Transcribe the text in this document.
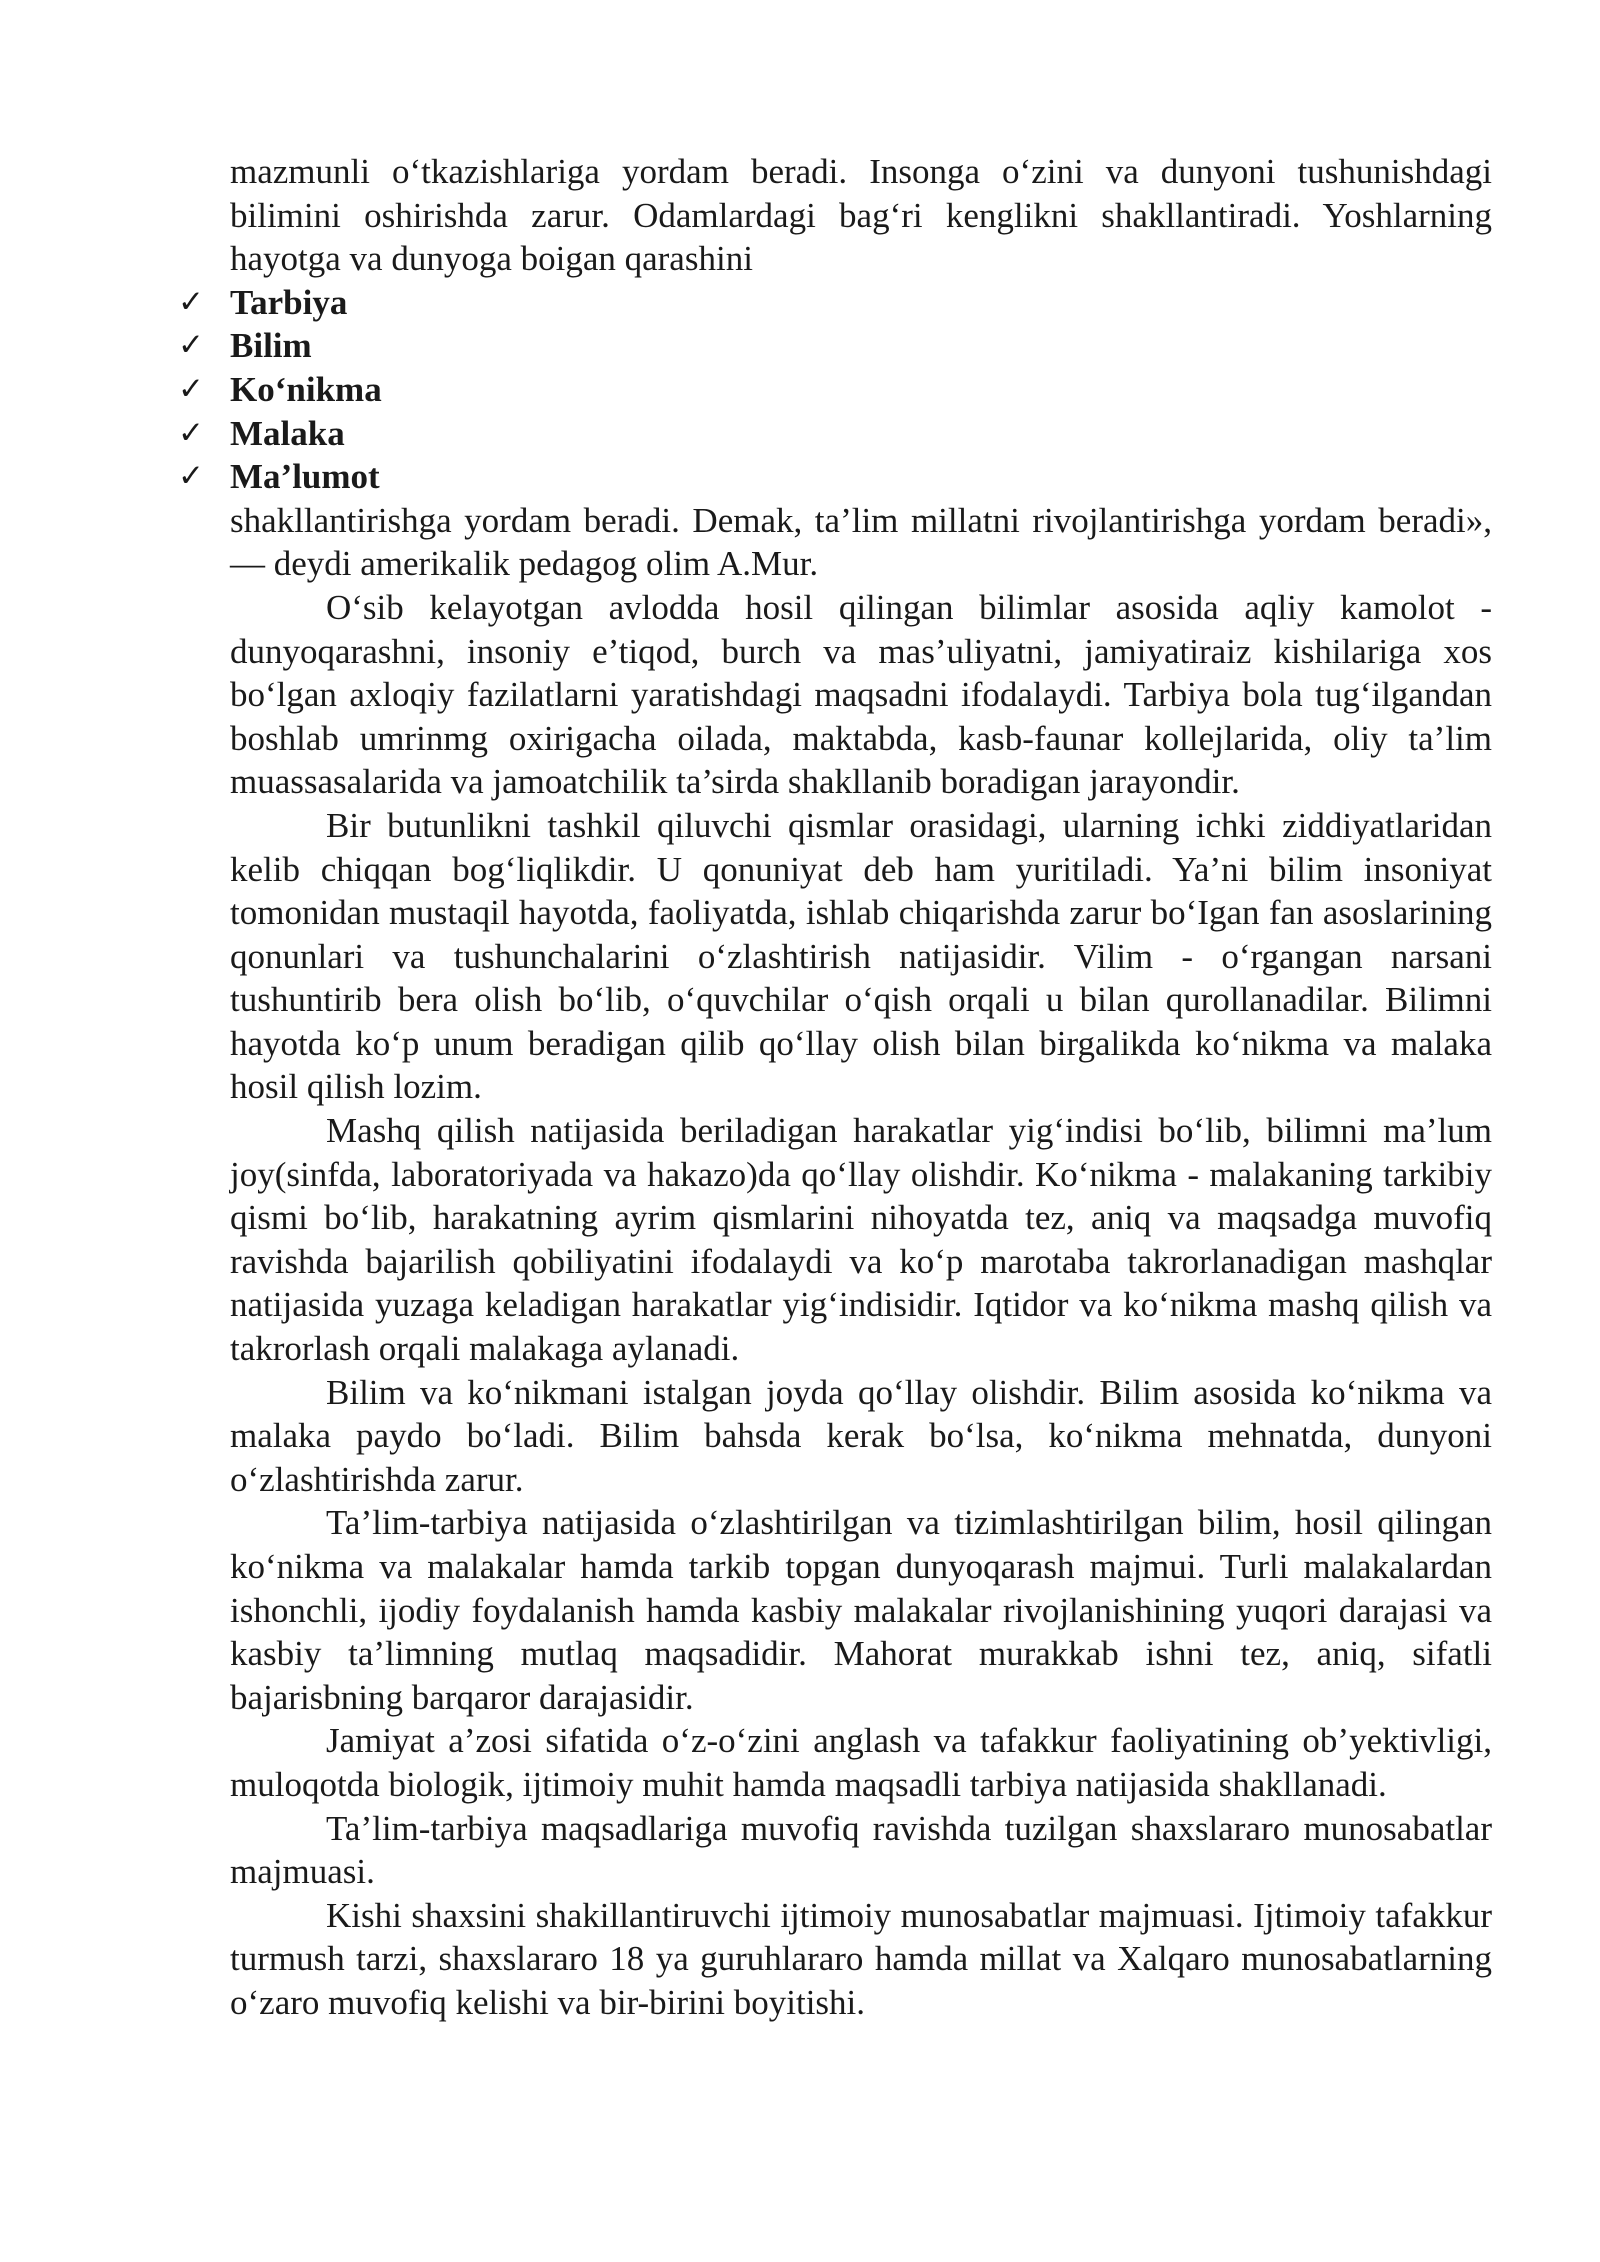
mazmunli o‘tkazishlariga yordam beradi. Insonga o‘zini va dunyoni tushunishdagi bilimini oshirishda zarur. Odamlardagi bag‘ri kenglikni shakllantiradi. Yoshlarning hayotga va dunyoga boigan qarashini

✓ Tarbiya
✓ Bilim
✓ Ko‘nikma
✓ Malaka
✓ Ma’lumot

shakllantirishga yordam beradi. Demak, ta’lim millatni rivojlantirishga yordam beradi», — deydi amerikalik pedagog olim A.Mur.

O‘sib kelayotgan avlodda hosil qilingan bilimlar asosida aqliy kamolot - dunyoqarashni, insoniy e’tiqod, burch va mas’uliyatni, jamiyatiraiz kishilariga xos bo‘lgan axloqiy fazilatlarni yaratishdagi maqsadni ifodalaydi. Tarbiya bola tug‘ilgandan boshlab umrinmg oxirigacha oilada, maktabda, kasb-faunar kollejlarida, oliy ta’lim muassasalarida va jamoatchilik ta’sirda shakllanib boradigan jarayondir.

Bir butunlikni tashkil qiluvchi qismlar orasidagi, ularning ichki ziddiyatlaridan kelib chiqqan bog‘liqlikdir. U qonuniyat deb ham yuritiladi. Ya’ni bilim insoniyat tomonidan mustaqil hayotda, faoliyatda, ishlab chiqarishda zarur bo‘Igan fan asoslarining qonunlari va tushunchalarini o‘zlashtirish natijasidir. Vilim - o‘rgangan narsani tushuntirib bera olish bo‘lib, o‘quvchilar o‘qish orqali u bilan qurollanadilar. Bilimni hayotda ko‘p unum beradigan qilib qo‘llay olish bilan birgalikda ko‘nikma va malaka hosil qilish lozim.

Mashq qilish natijasida beriladigan harakatlar yig‘indisi bo‘lib, bilimni ma’lum joy(sinfda, laboratoriyada va hakazo)da qo‘llay olishdir. Ko‘nikma - malakaning tarkibiy qismi bo‘lib, harakatning ayrim qismlarini nihoyatda tez, aniq va maqsadga muvofiq ravishda bajarilish qobiliyatini ifodalaydi va ko‘p marotaba takrorlanadigan mashqlar natijasida yuzaga keladigan harakatlar yig‘indisidir. Iqtidor va ko‘nikma mashq qilish va takrorlash orqali malakaga aylanadi.

Bilim va ko‘nikmani istalgan joyda qo‘llay olishdir. Bilim asosida ko‘nikma va malaka paydo bo‘ladi. Bilim bahsda kerak bo‘lsa, ko‘nikma mehnatda, dunyoni o‘zlashtirishda zarur.

Ta’lim-tarbiya natijasida o‘zlashtirilgan va tizimlashtirilgan bilim, hosil qilingan ko‘nikma va malakalar hamda tarkib topgan dunyoqarash majmui. Turli malakalardan ishonchli, ijodiy foydalanish hamda kasbiy malakalar rivojlanishining yuqori darajasi va kasbiy ta’limning mutlaq maqsadidir. Mahorat murakkab ishni tez, aniq, sifatli bajarisbning barqaror darajasidir.

Jamiyat a’zosi sifatida o‘z-o‘zini anglash va tafakkur faoliyatining ob’yektivligi, muloqotda biologik, ijtimoiy muhit hamda maqsadli tarbiya natijasida shakllanadi.

Ta’lim-tarbiya maqsadlariga muvofiq ravishda tuzilgan shaxslararo munosabatlar majmuasi.

Kishi shaxsini shakillantiruvchi ijtimoiy munosabatlar majmuasi. Ijtimoiy tafakkur turmush tarzi, shaxslararo 18 ya guruhlararo hamda millat va Xalqaro munosabatlarning o‘zaro muvofiq kelishi va bir-birini boyitishi.
